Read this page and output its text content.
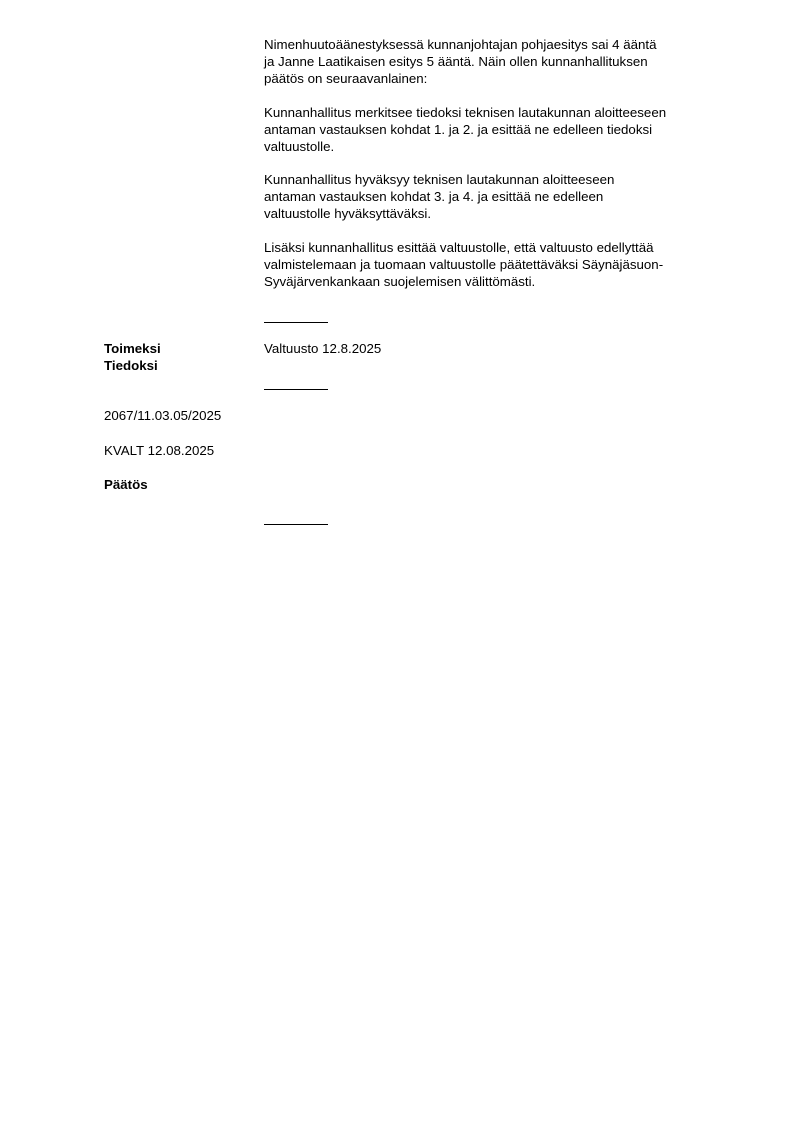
Nimenhuutoäänestyksessä kunnanjohtajan pohjaesitys sai 4 ääntä
ja Janne Laatikaisen esitys 5 ääntä. Näin ollen kunnanhallituksen
päätös on seuraavanlainen:

Kunnanhallitus merkitsee tiedoksi teknisen lautakunnan aloitteeseen
antaman vastauksen kohdat 1. ja 2. ja esittää ne edelleen tiedoksi
valtuustolle.

Kunnanhallitus hyväksyy teknisen lautakunnan aloitteeseen
antaman vastauksen kohdat 3. ja 4. ja esittää ne edelleen
valtuustolle hyväksyttäväksi.

Lisäksi kunnanhallitus esittää valtuustolle, että valtuusto edellyttää
valmistelemaan ja tuomaan valtuustolle päätettäväksi Säynäjäsuon-
Syväjärvenkankaan suojelemisen välittömästi.

Toimeksi
Tiedoksi

Valtuusto 12.8.2025

2067/11.03.05/2025

KVALT 12.08.2025

Päätös
